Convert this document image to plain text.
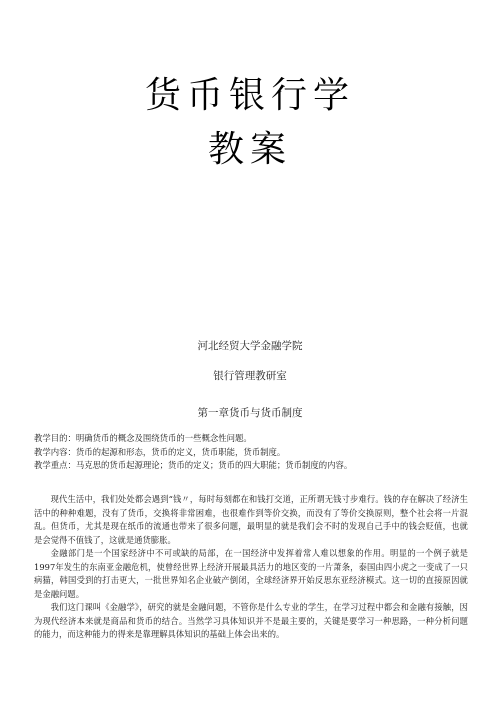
货币银行学
教案
河北经贸大学金融学院
银行管理教研室
第一章货币与货币制度
教学目的：明确货币的概念及围绕货币的一些概念性问题。
教学内容：货币的起源和形态，货币的定义，货币职能，货币制度。
教学重点：马克思的货币起源理论；货币的定义；货币的四大职能；货币制度的内容。

现代生活中，我们处处都会遇到“钱〃，每时每刻都在和钱打交道，正所谓无钱寸步难行。钱的存在解决了经济生活中的种种难题，没有了货币，交换将非常困难，也很难作到等价交换，而没有了等价交换原则，整个社会将一片混乱。但货币，尤其是现在纸币的流通也带来了很多问题，最明显的就是我们会不时的发现自己手中的钱会贬值，也就是会觉得不值钱了，这就是通货膨胀。

金融部门是一个国家经济中不可或缺的局部，在一国经济中发挥着常人难以想象的作用。明显的一个例子就是1997年发生的东南亚金融危机，使曾经世界上经济开展最具活力的地区变的一片萧条，泰国由四小虎之一变成了一只病猫，韩国受到的打击更大，一批世界知名企业破产倒闭，全球经济界开始反思东亚经济模式。这一切的直接原因就是金融问题。

我们这门课叫《金融学》，研究的就是金融问题，不管你是什么专业的学生，在学习过程中都会和金融有接触，因为现代经济本来就是商品和货币的结合。当然学习具体知识并不是最主要的，关键是要学习一种思路，一种分析问题的能力，而这种能力的得来是靠理解具体知识的基础上体会出来的。
